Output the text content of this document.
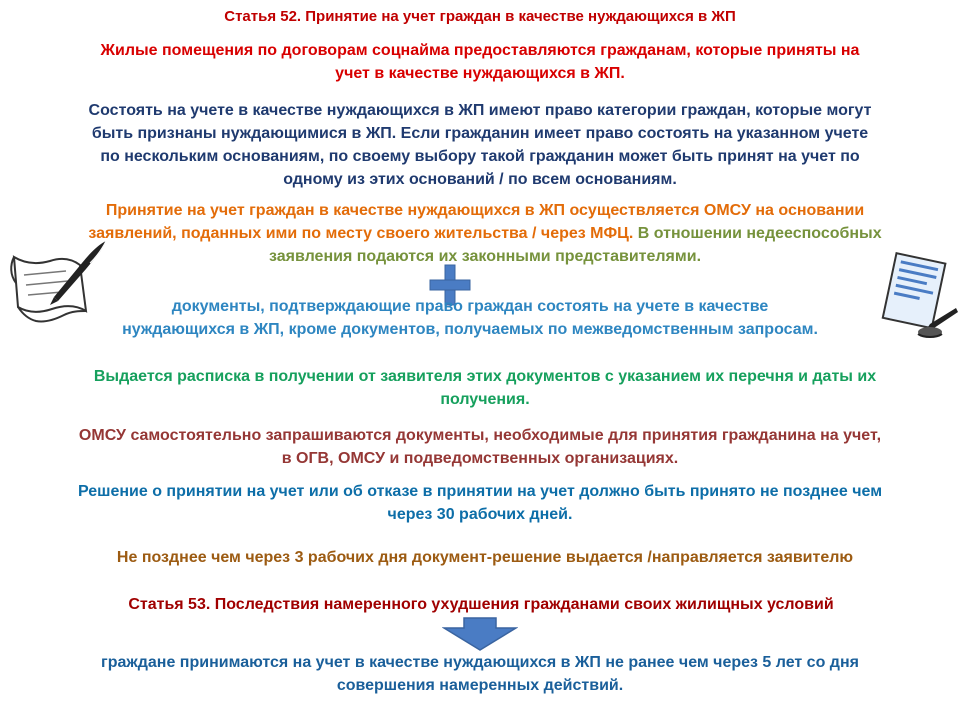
Статья 52. Принятие на учет граждан в качестве нуждающихся в ЖП
Жилые помещения по договорам соцнайма предоставляются гражданам, которые приняты на
учет в качестве нуждающихся в ЖП.
Состоять на учете в качестве нуждающихся в ЖП имеют право категории граждан, которые могут
быть признаны нуждающимися в ЖП. Если гражданин имеет право состоять на указанном учете
по нескольким основаниям, по своему выбору такой гражданин может быть принят на учет по
одному из этих оснований / по всем основаниям.
Принятие на учет граждан в качестве нуждающихся в ЖП осуществляется ОМСУ на основании
заявлений, поданных ими по месту своего жительства / через МФЦ. В отношении недееспособных
заявления подаются их законными представителями.
документы, подтверждающие право граждан состоять на учете в качестве
нуждающихся в ЖП, кроме документов, получаемых по межведомственным запросам.
Выдается расписка в получении от заявителя этих документов с указанием их перечня и даты их
получения.
ОМСУ самостоятельно запрашиваются документы, необходимые для принятия гражданина на учет,
в ОГВ, ОМСУ и подведомственных организациях.
Решение о принятии на учет или об отказе в принятии на учет должно быть принято не позднее чем
через 30 рабочих дней.
Не позднее чем через 3 рабочих дня документ-решение выдается /направляется заявителю
Статья 53. Последствия намеренного ухудшения гражданами своих жилищных условий
граждане принимаются на учет в качестве нуждающихся в ЖП не ранее чем через 5 лет со дня
совершения намеренных действий.
